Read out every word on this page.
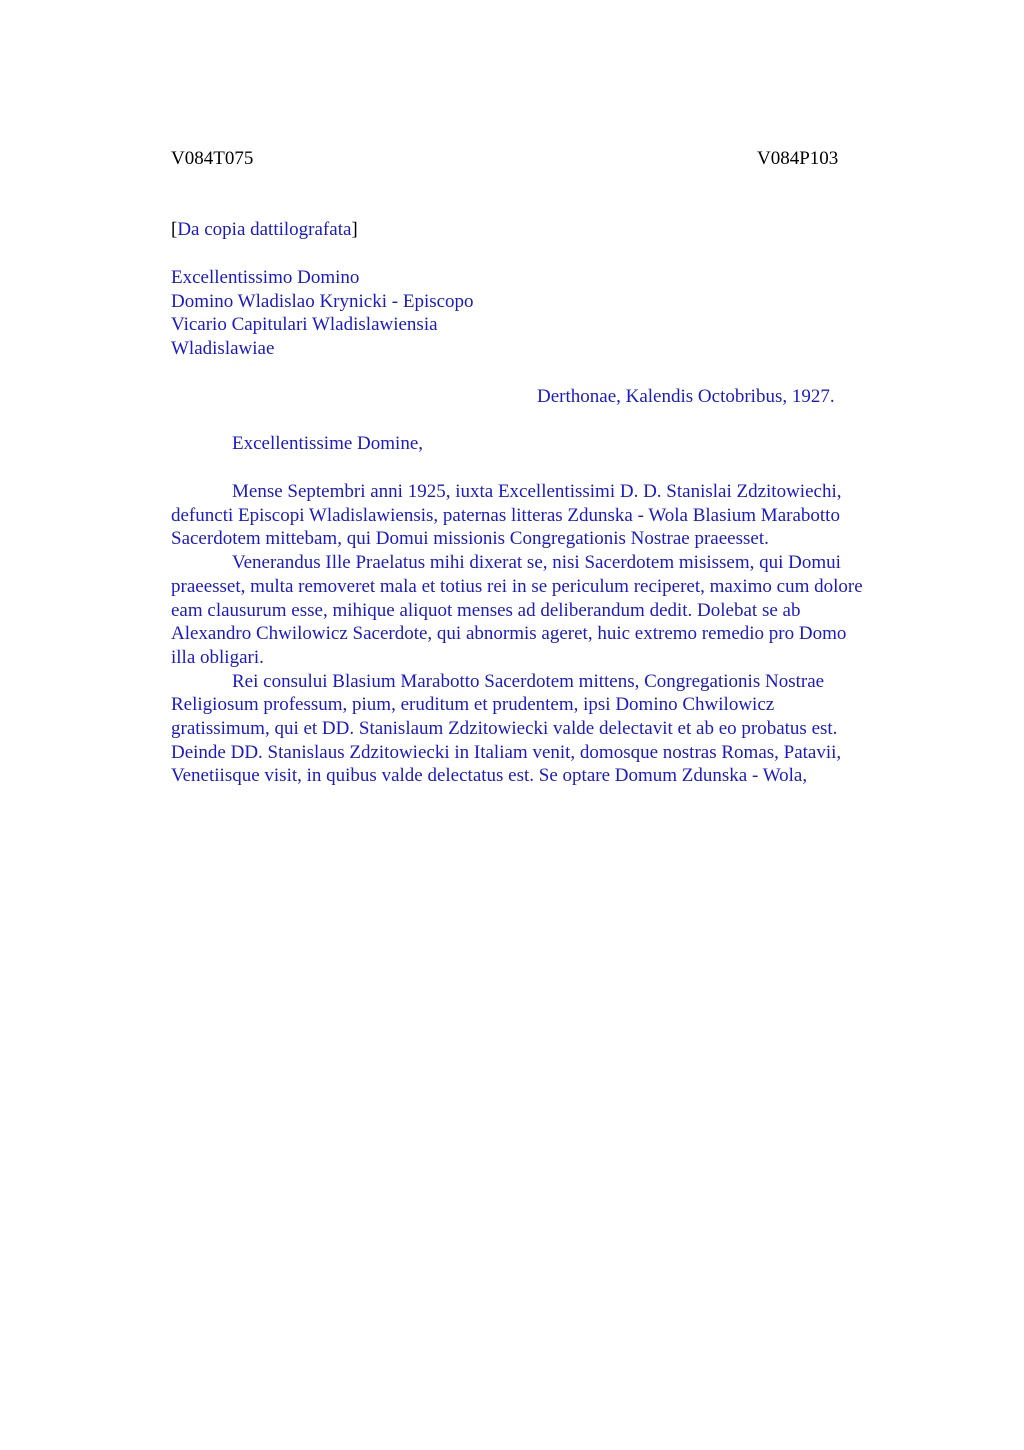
V084T075	V084P103
[Da copia dattilografata]
Excellentissimo Domino
Domino Wladislao Krynicki - Episcopo
Vicario Capitulari Wladislawiensia
Wladislawiae
Derthonae, Kalendis Octobribus, 1927.
Excellentissime Domine,
Mense Septembri anni 1925, iuxta Excellentissimi D. D. Stanislai Zdzitowiechi,
defuncti Episcopi Wladislawiensis, paternas litteras Zdunska - Wola Blasium Marabotto
Sacerdotem mittebam, qui Domui missionis Congregationis Nostrae praeesset.
Venerandus Ille Praelatus mihi dixerat se, nisi Sacerdotem misissem, qui Domui
praeesset, multa removeret mala et totius rei in se periculum reciperet, maximo cum dolore
eam clausurum esse, mihique aliquot menses ad deliberandum dedit. Dolebat se ab
Alexandro Chwilowicz Sacerdote, qui abnormis ageret, huic extremo remedio pro Domo
illa obligari.
Rei consului Blasium Marabotto Sacerdotem mittens, Congregationis Nostrae
Religiosum professum, pium, eruditum et prudentem, ipsi Domino Chwilowicz
gratissimum, qui et DD. Stanislaum Zdzitowiecki valde delectavit et ab eo probatus est.
Deinde DD. Stanislaus Zdzitowiecki in Italiam venit, domosque nostras Romas, Patavii,
Venetiisque visit, in quibus valde delectatus est. Se optare Domum Zdunska - Wola,
